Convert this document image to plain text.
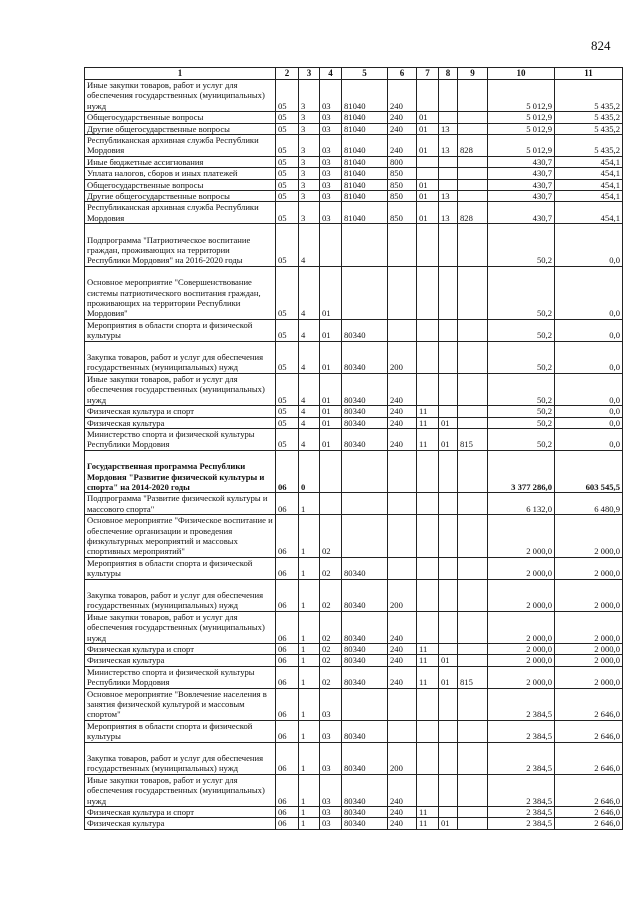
824
1	2	3	4	5	6	7	8	9	10	11
Иные закупки товаров, работ и услуг для обеспечения государственных (муниципальных) нужд	05	3	03	81040	240				5 012,9	5 435,2
Общегосударственные вопросы	05	3	03	81040	240	01			5 012,9	5 435,2
Другие общегосударственные вопросы	05	3	03	81040	240	01	13		5 012,9	5 435,2
Республиканская архивная служба Республики Мордовия	05	3	03	81040	240	01	13	828	5 012,9	5 435,2
Иные бюджетные ассигнования	05	3	03	81040	800				430,7	454,1
Уплата налогов, сборов и иных платежей	05	3	03	81040	850				430,7	454,1
Общегосударственные вопросы	05	3	03	81040	850	01			430,7	454,1
Другие общегосударственные вопросы	05	3	03	81040	850	01	13		430,7	454,1
Республиканская архивная служба Республики Мордовия	05	3	03	81040	850	01	13	828	430,7	454,1
Подпрограмма "Патриотическое воспитание граждан, проживающих на территории Республики Мордовия" на 2016-2020 годы	05	4							50,2	0,0
Основное мероприятие "Совершенствование системы патриотического воспитания граждан, проживающих на территории Республики Мордовия"	05	4	01						50,2	0,0
Мероприятия в области спорта и физической культуры	05	4	01	80340					50,2	0,0
Закупка товаров, работ и услуг для обеспечения государственных (муниципальных) нужд	05	4	01	80340	200				50,2	0,0
Иные закупки товаров, работ и услуг для обеспечения государственных (муниципальных) нужд	05	4	01	80340	240				50,2	0,0
Физическая культура и спорт	05	4	01	80340	240	11			50,2	0,0
Физическая культура	05	4	01	80340	240	11	01		50,2	0,0
Министерство спорта и физической культуры Республики Мордовия	05	4	01	80340	240	11	01	815	50,2	0,0
Государственная программа Республики Мордовия "Развитие физической культуры и спорта" на 2014-2020 годы	06	0							3 377 286,0	603 545,5
Подпрограмма "Развитие физической культуры и массового спорта"	06	1							6 132,0	6 480,9
Основное мероприятие "Физическое воспитание и обеспечение организации и проведения физкультурных мероприятий и массовых спортивных мероприятий"	06	1	02						2 000,0	2 000,0
Мероприятия в области спорта и физической культуры	06	1	02	80340					2 000,0	2 000,0
Закупка товаров, работ и услуг для обеспечения государственных (муниципальных) нужд	06	1	02	80340	200				2 000,0	2 000,0
Иные закупки товаров, работ и услуг для обеспечения государственных (муниципальных) нужд	06	1	02	80340	240				2 000,0	2 000,0
Физическая культура и спорт	06	1	02	80340	240	11			2 000,0	2 000,0
Физическая культура	06	1	02	80340	240	11	01		2 000,0	2 000,0
Министерство спорта и физической культуры Республики Мордовия	06	1	02	80340	240	11	01	815	2 000,0	2 000,0
Основное мероприятие "Вовлечение населения в занятия физической культурой и массовым спортом"	06	1	03						2 384,5	2 646,0
Мероприятия в области спорта и физической культуры	06	1	03	80340					2 384,5	2 646,0
Закупка товаров, работ и услуг для обеспечения государственных (муниципальных) нужд	06	1	03	80340	200				2 384,5	2 646,0
Иные закупки товаров, работ и услуг для обеспечения государственных (муниципальных) нужд	06	1	03	80340	240				2 384,5	2 646,0
Физическая культура и спорт	06	1	03	80340	240	11			2 384,5	2 646,0
Физическая культура	06	1	03	80340	240	11	01		2 384,5	2 646,0
